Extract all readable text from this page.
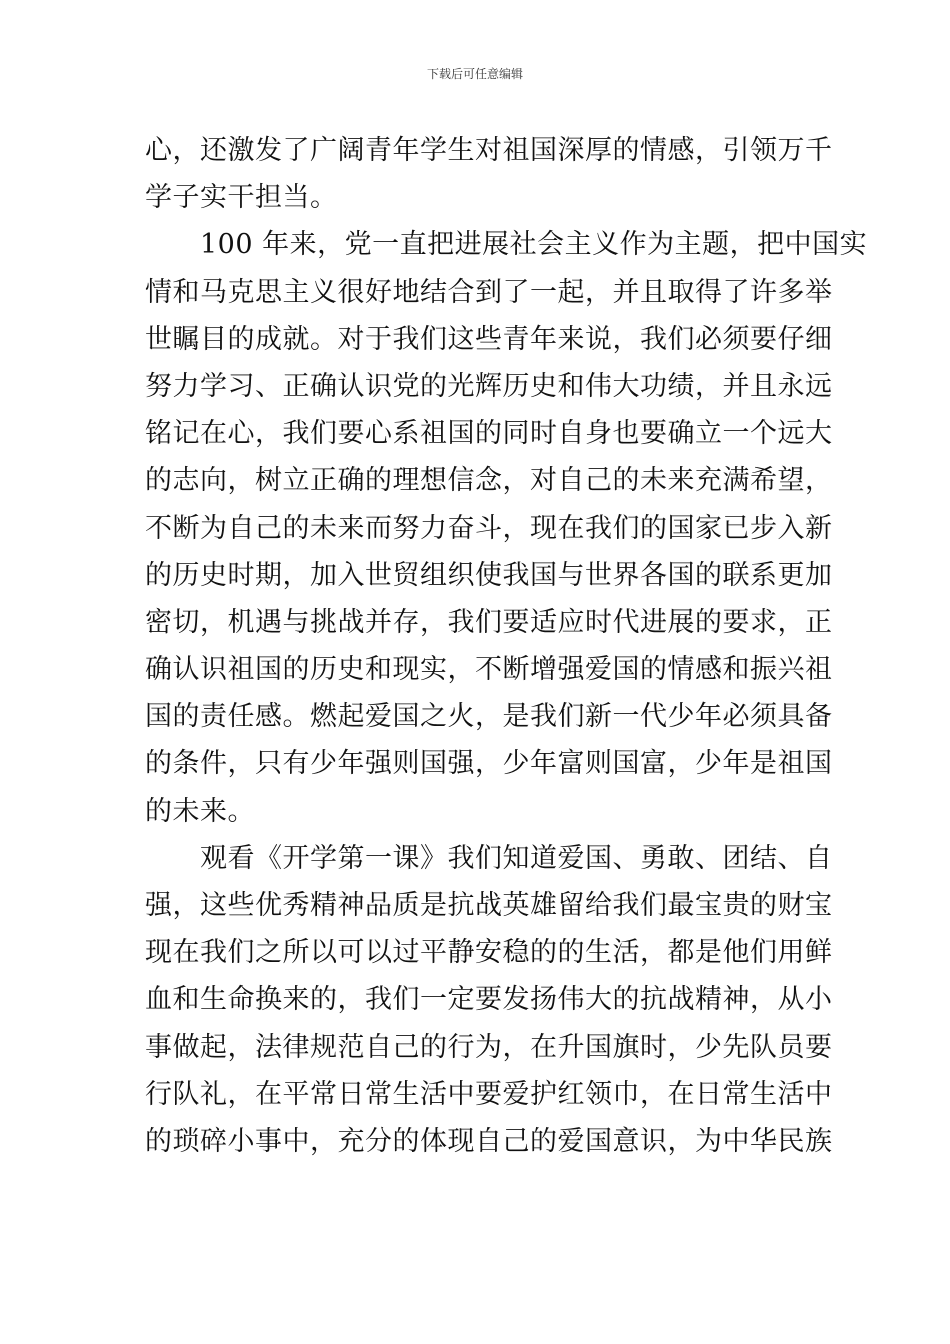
下载后可任意编辑
心，还激发了广阔青年学生对祖国深厚的情感，引领万千
学子实干担当。
　　100 年来，党一直把进展社会主义作为主题，把中国实
情和马克思主义很好地结合到了一起，并且取得了许多举
世瞩目的成就。对于我们这些青年来说，我们必须要仔细
努力学习、正确认识党的光辉历史和伟大功绩，并且永远
铭记在心，我们要心系祖国的同时自身也要确立一个远大
的志向，树立正确的理想信念，对自己的未来充满希望，
不断为自己的未来而努力奋斗，现在我们的国家已步入新
的历史时期，加入世贸组织使我国与世界各国的联系更加
密切，机遇与挑战并存，我们要适应时代进展的要求，正
确认识祖国的历史和现实，不断增强爱国的情感和振兴祖
国的责任感。燃起爱国之火，是我们新一代少年必须具备
的条件，只有少年强则国强，少年富则国富，少年是祖国
的未来。
　　观看《开学第一课》我们知道爱国、勇敢、团结、自
强，这些优秀精神品质是抗战英雄留给我们最宝贵的财宝
现在我们之所以可以过平静安稳的的生活，都是他们用鲜
血和生命换来的，我们一定要发扬伟大的抗战精神，从小
事做起，法律规范自己的行为，在升国旗时，少先队员要
行队礼，在平常日常生活中要爱护红领巾，在日常生活中
的琐碎小事中，充分的体现自己的爱国意识，为中华民族
